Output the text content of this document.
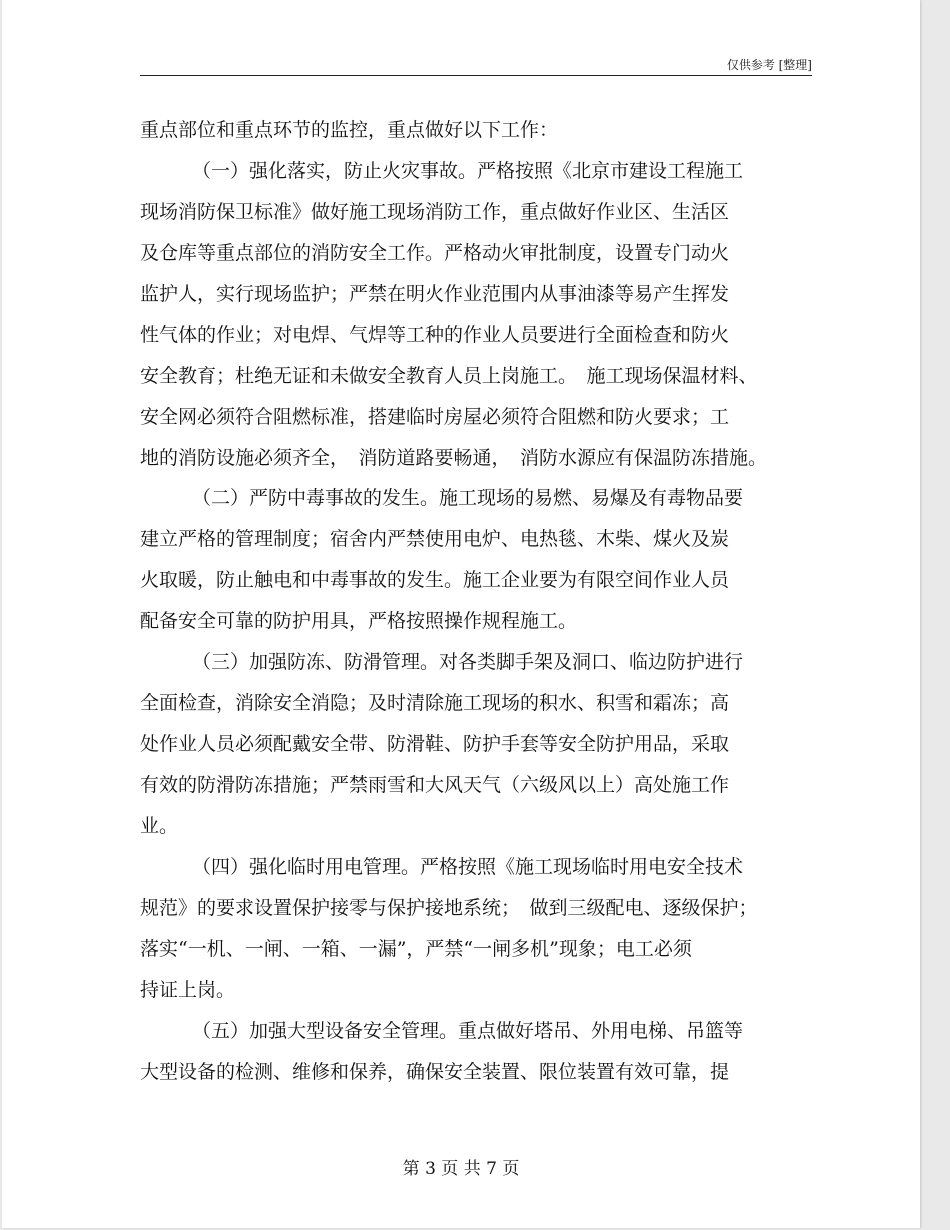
仅供参考 [整理]
重点部位和重点环节的监控，重点做好以下工作：
（一）强化落实，防止火灾事故。严格按照《北京市建设工程施工
现场消防保卫标准》做好施工现场消防工作，重点做好作业区、生活区
及仓库等重点部位的消防安全工作。严格动火审批制度，设置专门动火
监护人，实行现场监护；严禁在明火作业范围内从事油漆等易产生挥发
性气体的作业；对电焊、气焊等工种的作业人员要进行全面检查和防火
安全教育；杜绝无证和未做安全教育人员上岗施工。　施工现场保温材料、
安全网必须符合阻燃标准，搭建临时房屋必须符合阻燃和防火要求；工
地的消防设施必须齐全，　消防道路要畅通，　消防水源应有保温防冻措施。
（二）严防中毒事故的发生。施工现场的易燃、易爆及有毒物品要
建立严格的管理制度；宿舍内严禁使用电炉、电热毯、木柴、煤火及炭
火取暖，防止触电和中毒事故的发生。施工企业要为有限空间作业人员
配备安全可靠的防护用具，严格按照操作规程施工。
（三）加强防冻、防滑管理。对各类脚手架及洞口、临边防护进行
全面检查，消除安全消隐；及时清除施工现场的积水、积雪和霜冻；高
处作业人员必须配戴安全带、防滑鞋、防护手套等安全防护用品，采取
有效的防滑防冻措施；严禁雨雪和大风天气（六级风以上）高处施工作
业。
（四）强化临时用电管理。严格按照《施工现场临时用电安全技术
规范》的要求设置保护接零与保护接地系统；　做到三级配电、逐级保护；
落实“一机、一闸、一箱、一漏”，严禁“一闸多机”现象；电工必须
持证上岗。
（五）加强大型设备安全管理。重点做好塔吊、外用电梯、吊篮等
大型设备的检测、维修和保养，确保安全装置、限位装置有效可靠，提
第 3 页 共 7 页
